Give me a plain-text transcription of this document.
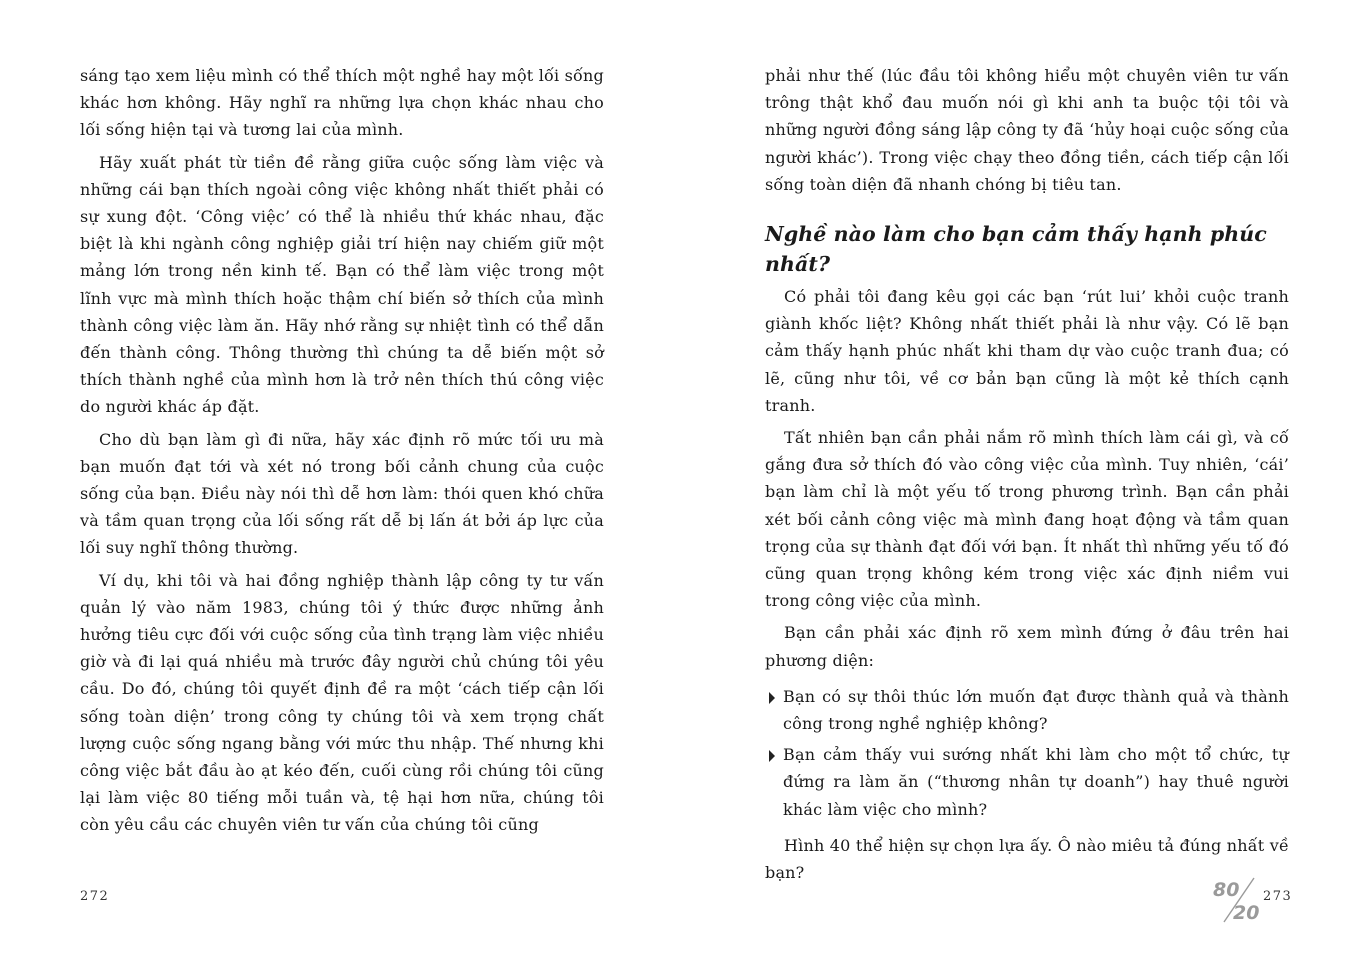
sáng tạo xem liệu mình có thể thích một nghề hay một lối sống khác hơn không. Hãy nghĩ ra những lựa chọn khác nhau cho lối sống hiện tại và tương lai của mình.

Hãy xuất phát từ tiền đề rằng giữa cuộc sống làm việc và những cái bạn thích ngoài công việc không nhất thiết phải có sự xung đột. ‘Công việc’ có thể là nhiều thứ khác nhau, đặc biệt là khi ngành công nghiệp giải trí hiện nay chiếm giữ một mảng lớn trong nền kinh tế. Bạn có thể làm việc trong một lĩnh vực mà mình thích hoặc thậm chí biến sở thích của mình thành công việc làm ăn. Hãy nhớ rằng sự nhiệt tình có thể dẫn đến thành công. Thông thường thì chúng ta dễ biến một sở thích thành nghề của mình hơn là trở nên thích thú công việc do người khác áp đặt.

Cho dù bạn làm gì đi nữa, hãy xác định rõ mức tối ưu mà bạn muốn đạt tới và xét nó trong bối cảnh chung của cuộc sống của bạn. Điều này nói thì dễ hơn làm: thói quen khó chữa và tầm quan trọng của lối sống rất dễ bị lấn át bởi áp lực của lối suy nghĩ thông thường.

Ví dụ, khi tôi và hai đồng nghiệp thành lập công ty tư vấn quản lý vào năm 1983, chúng tôi ý thức được những ảnh hưởng tiêu cực đối với cuộc sống của tình trạng làm việc nhiều giờ và đi lại quá nhiều mà trước đây người chủ chúng tôi yêu cầu. Do đó, chúng tôi quyết định đề ra một ‘cách tiếp cận lối sống toàn diện’ trong công ty chúng tôi và xem trọng chất lượng cuộc sống ngang bằng với mức thu nhập. Thế nhưng khi công việc bắt đầu ào ạt kéo đến, cuối cùng rồi chúng tôi cũng lại làm việc 80 tiếng mỗi tuần và, tệ hại hơn nữa, chúng tôi còn yêu cầu các chuyên viên tư vấn của chúng tôi cũng

phải như thế (lúc đầu tôi không hiểu một chuyên viên tư vấn trông thật khổ đau muốn nói gì khi anh ta buộc tội tôi và những người đồng sáng lập công ty đã ‘hủy hoại cuộc sống của người khác’). Trong việc chạy theo đồng tiền, cách tiếp cận lối sống toàn diện đã nhanh chóng bị tiêu tan.

Nghề nào làm cho bạn cảm thấy hạnh phúc nhất?

Có phải tôi đang kêu gọi các bạn ‘rút lui’ khỏi cuộc tranh giành khốc liệt? Không nhất thiết phải là như vậy. Có lẽ bạn cảm thấy hạnh phúc nhất khi tham dự vào cuộc tranh đua; có lẽ, cũng như tôi, về cơ bản bạn cũng là một kẻ thích cạnh tranh.

Tất nhiên bạn cần phải nắm rõ mình thích làm cái gì, và cố gắng đưa sở thích đó vào công việc của mình. Tuy nhiên, ‘cái’ bạn làm chỉ là một yếu tố trong phương trình. Bạn cần phải xét bối cảnh công việc mà mình đang hoạt động và tầm quan trọng của sự thành đạt đối với bạn. Ít nhất thì những yếu tố đó cũng quan trọng không kém trong việc xác định niềm vui trong công việc của mình.

Bạn cần phải xác định rõ xem mình đứng ở đâu trên hai phương diện:

Bạn có sự thôi thúc lớn muốn đạt được thành quả và thành công trong nghề nghiệp không?
Bạn cảm thấy vui sướng nhất khi làm cho một tổ chức, tự đứng ra làm ăn (“thương nhân tự doanh”) hay thuê người khác làm việc cho mình?

Hình 40 thể hiện sự chọn lựa ấy. Ô nào miêu tả đúng nhất về bạn?

272	80
20
273
